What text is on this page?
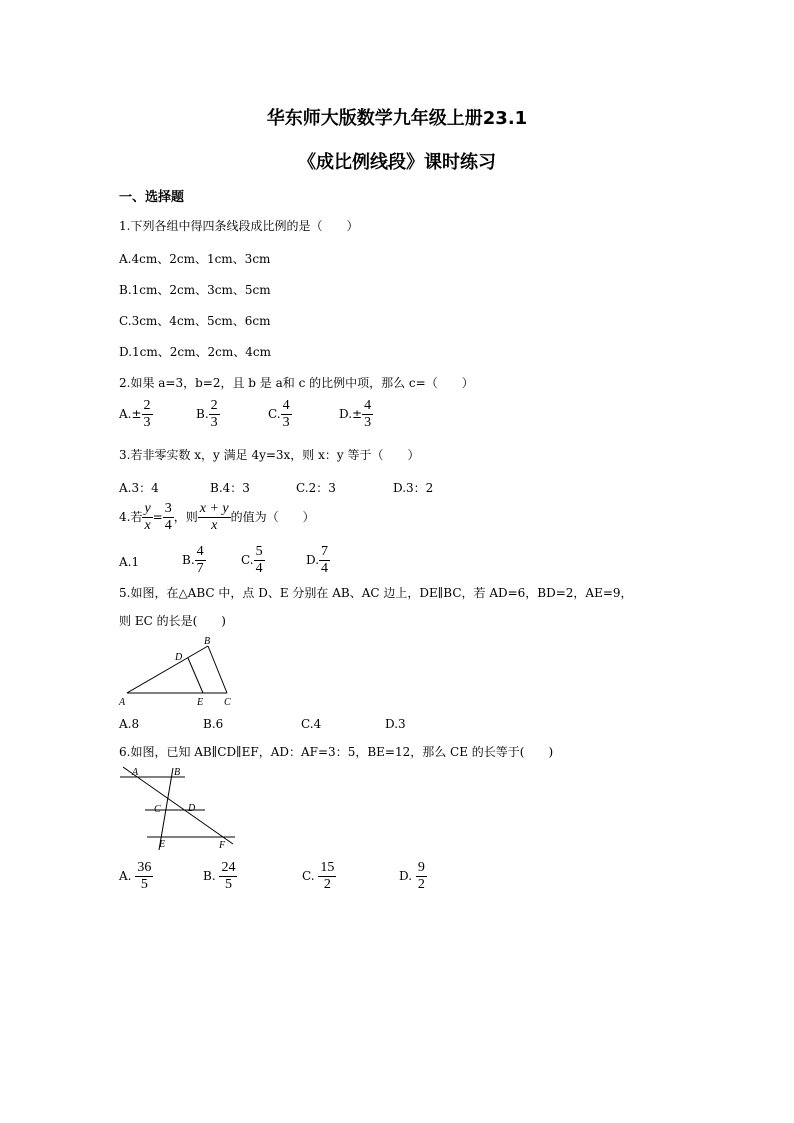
华东师大版数学九年级上册23.1
《成比例线段》课时练习
一、选择题
1.下列各组中得四条线段成比例的是（　　）
A.4cm、2cm、1cm、3cm
B.1cm、2cm、3cm、5cm
C.3cm、4cm、5cm、6cm
D.1cm、2cm、2cm、4cm
2.如果 a=3，b=2，且 b 是 a和 c 的比例中项，那么 c=（　　）
$A.\pm \frac{2}{3}$	B. $\frac{2}{3}$	C. $\frac{4}{3}$	$D.\pm \frac{4}{3}$
3.若非零实数 x，y 满足 4y=3x，则 x：y 等于（　　）
A.3：4	B.4：3	C.2：3	D.3：2
4.若 $\frac{y}{x} = \frac{3}{4}$ ，则 $\frac{x + y}{x}$ 的值为（　　）
A.1	B. $\frac{4}{7}$	C. $\frac{5}{4}$	D. $\frac{7}{4}$
5.如图，在△ABC 中，点 D、E 分别在 AB、AC 边上，DE∥BC，若 AD=6，BD=2，AE=9，
则 EC 的长是(　　)
A
B
C
D
E
A.8	B.6	C.4	D.3
6.如图，已知 AB∥CD∥EF，AD：AF=3：5，BE=12，那么 CE 的长等于(　　)
A	B
C	D
E	F
A. $\frac{36}{5}$	B. $\frac{24}{5}$	C. $\frac{15}{2}$	D. $\frac{9}{2}$
